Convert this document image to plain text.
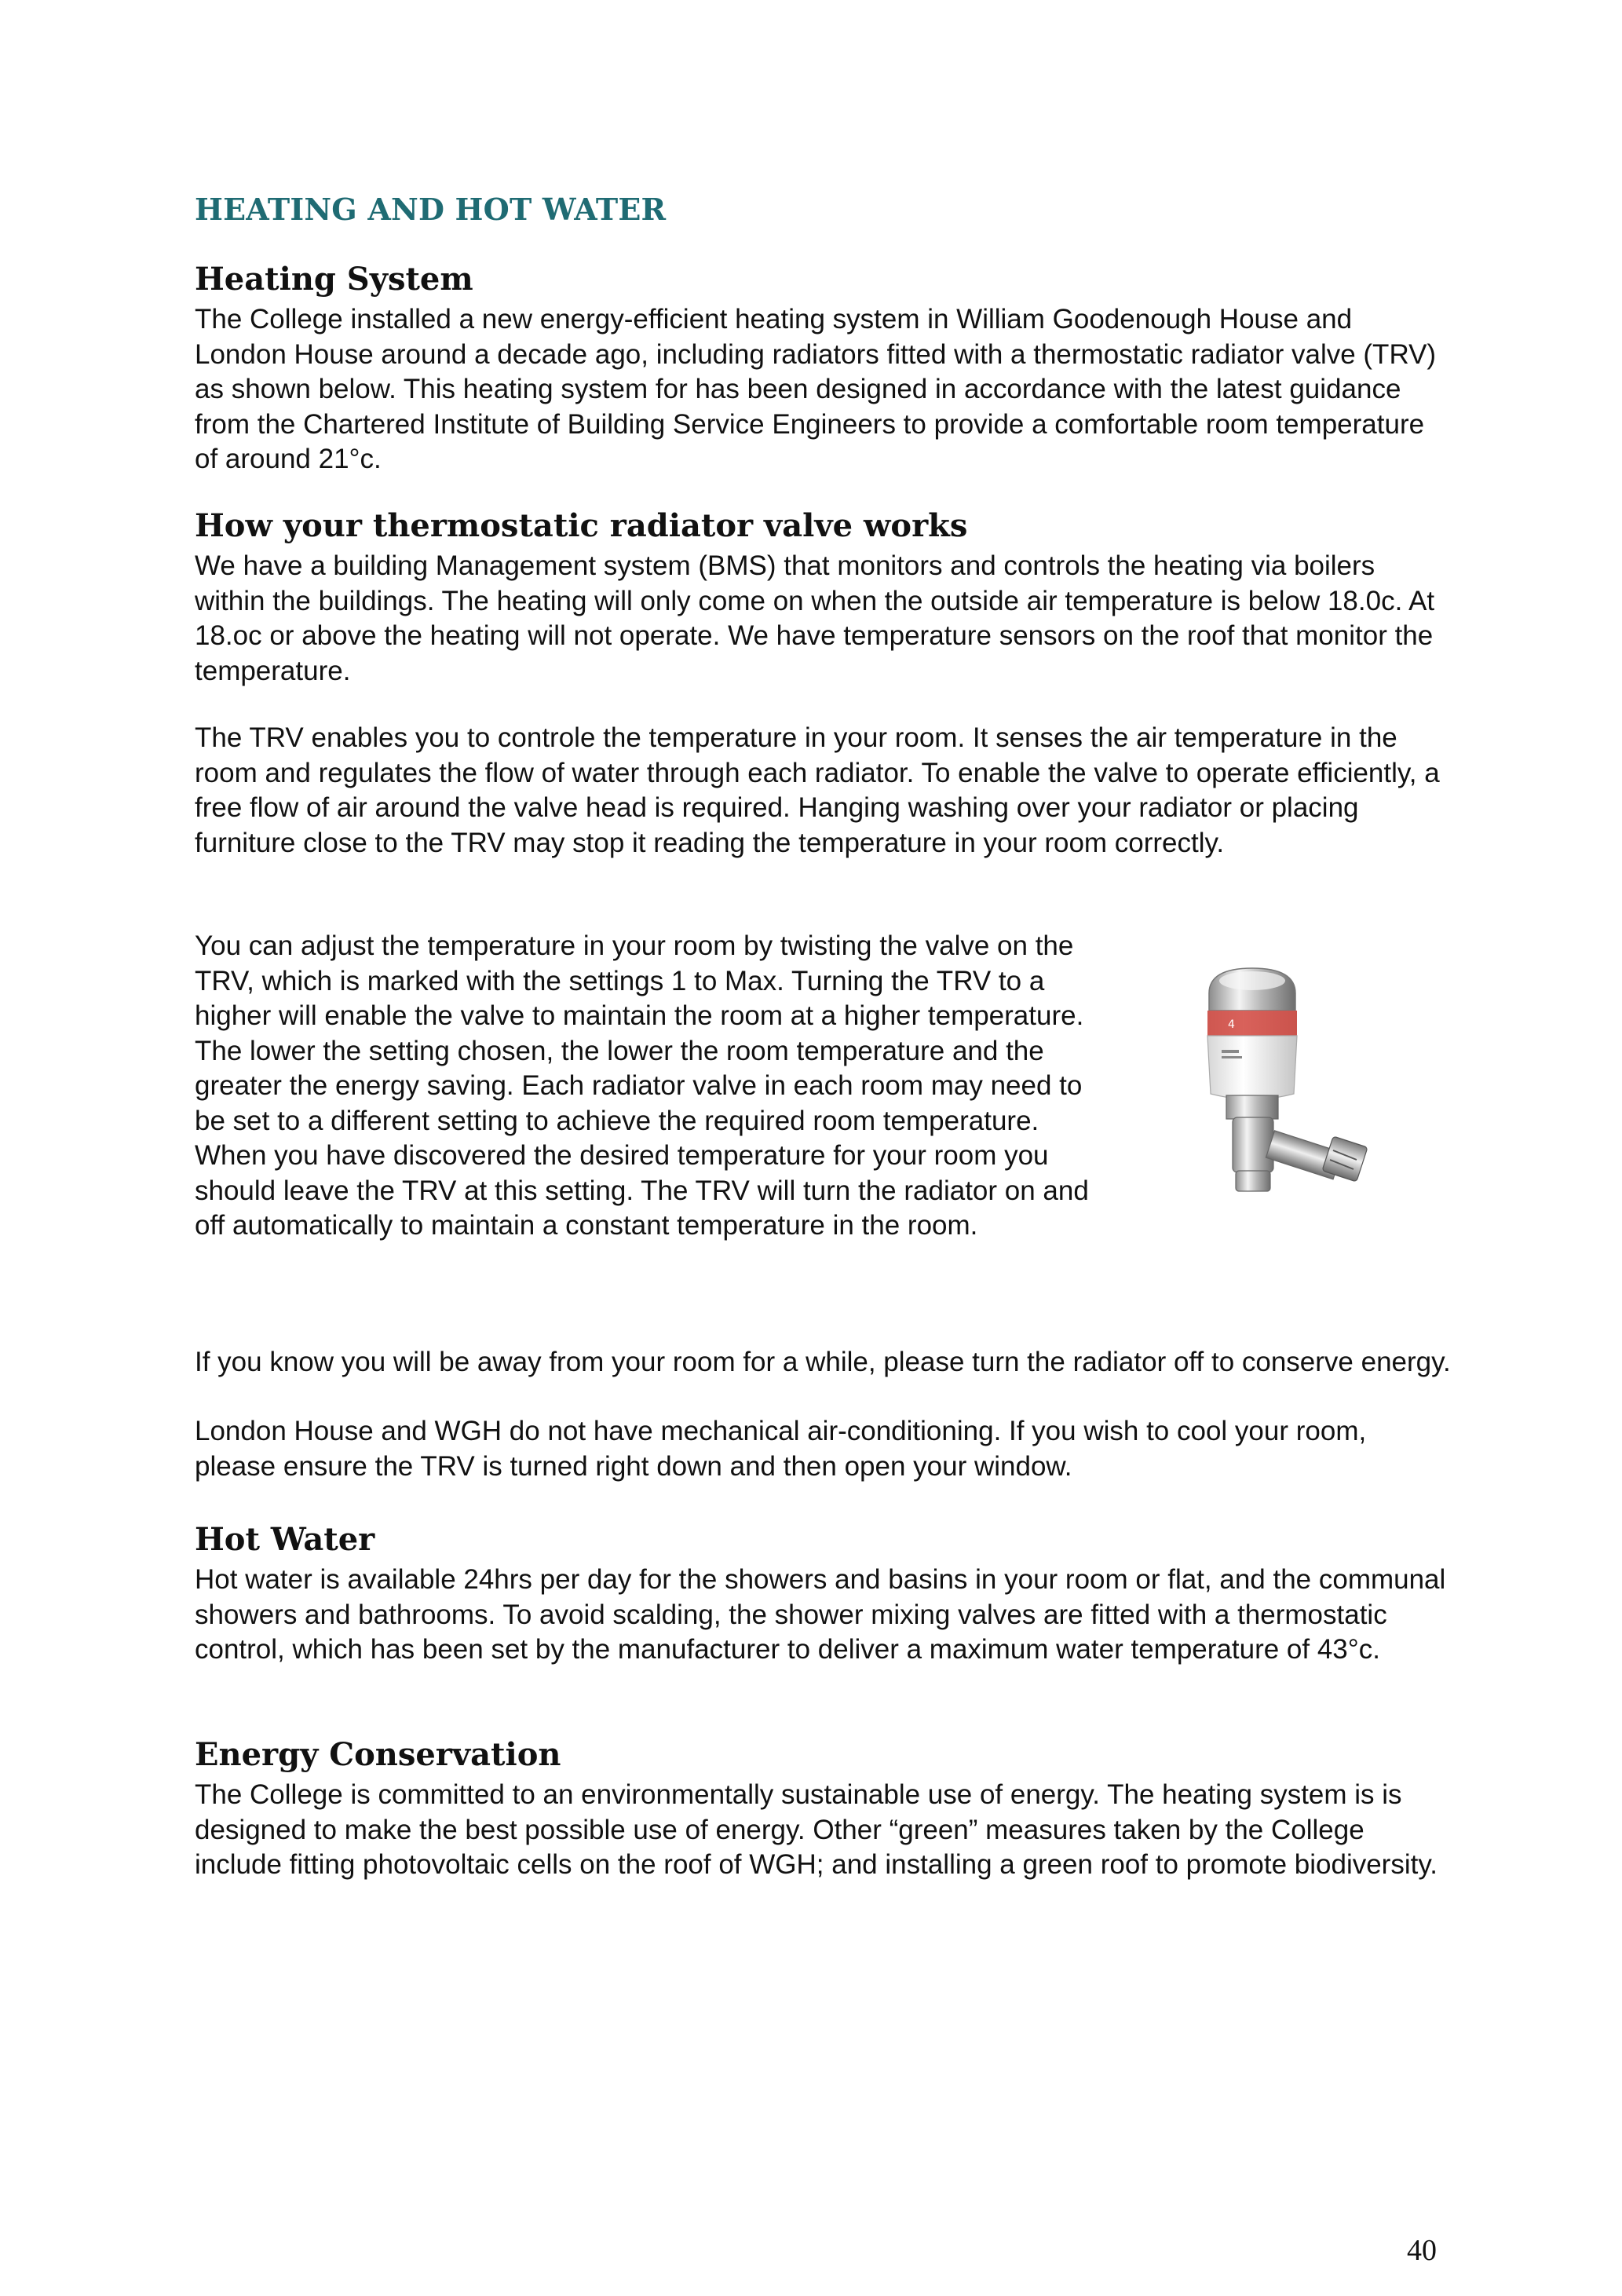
HEATING AND HOT WATER
Heating System

The College installed a new energy-efficient heating system in William Goodenough House and London House around a decade ago, including radiators fitted with a thermostatic radiator valve (TRV) as shown below. This heating system for has been designed in accordance with the latest guidance from the Chartered Institute of Building Service Engineers to provide a comfortable room temperature of around 21°c.

How your thermostatic radiator valve works

We have a building Management system (BMS) that monitors and controls the heating via boilers within the buildings. The heating will only come on when the outside air temperature is below 18.0c. At 18.oc or above the heating will not operate. We have temperature sensors on the roof that monitor the temperature.

The TRV enables you to controle the temperature in your room. It senses the air temperature in the room and regulates the flow of water through each radiator. To enable the valve to operate efficiently, a free flow of air around the valve head is required. Hanging washing over your radiator or placing furniture close to the TRV may stop it reading the temperature in your room correctly.

You can adjust the temperature in your room by twisting the valve on the TRV, which is marked with the settings 1 to Max. Turning the TRV to a higher will enable the valve to maintain the room at a higher temperature. The lower the setting chosen, the lower the room temperature and the greater the energy saving. Each radiator valve in each room may need to be set to a different setting to achieve the required room temperature. When you have discovered the desired temperature for your room you should leave the TRV at this setting. The TRV will turn the radiator on and off automatically to maintain a constant temperature in the room.

4

If you know you will be away from your room for a while, please turn the radiator off to conserve energy.

London House and WGH do not have mechanical air-conditioning. If you wish to cool your room, please ensure the TRV is turned right down and then open your window.

Hot Water

Hot water is available 24hrs per day for the showers and basins in your room or flat, and the communal showers and bathrooms. To avoid scalding, the shower mixing valves are fitted with a thermostatic control, which has been set by the manufacturer to deliver a maximum water temperature of 43°c.

Energy Conservation

The College is committed to an environmentally sustainable use of energy. The heating system is is designed to make the best possible use of energy. Other “green” measures taken by the College include fitting photovoltaic cells on the roof of WGH; and installing a green roof to promote biodiversity.

40
